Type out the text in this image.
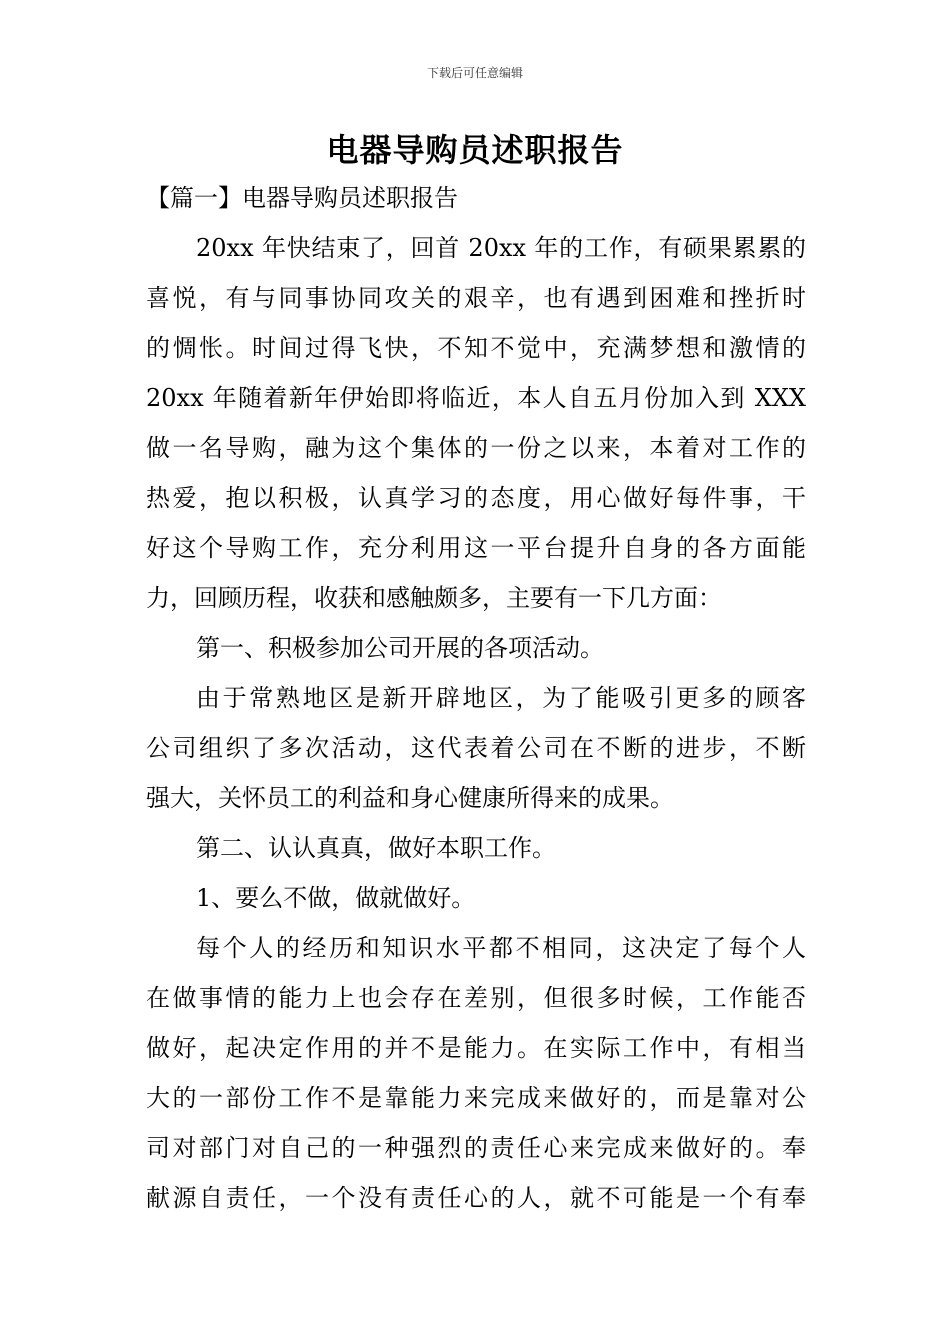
下载后可任意编辑
电器导购员述职报告
【篇一】电器导购员述职报告
20xx 年快结束了，回首 20xx 年的工作，有硕果累累的
喜悦，有与同事协同攻关的艰辛，也有遇到困难和挫折时
的惆怅。时间过得飞快，不知不觉中，充满梦想和激情的
20xx 年随着新年伊始即将临近，本人自五月份加入到 XXX
做一名导购，融为这个集体的一份之以来，本着对工作的
热爱，抱以积极，认真学习的态度，用心做好每件事，干
好这个导购工作，充分利用这一平台提升自身的各方面能
力，回顾历程，收获和感触颇多，主要有一下几方面：
第一、积极参加公司开展的各项活动。
由于常熟地区是新开辟地区，为了能吸引更多的顾客
公司组织了多次活动，这代表着公司在不断的进步，不断
强大，关怀员工的利益和身心健康所得来的成果。
第二、认认真真，做好本职工作。
1、要么不做，做就做好。
每个人的经历和知识水平都不相同，这决定了每个人
在做事情的能力上也会存在差别，但很多时候，工作能否
做好，起决定作用的并不是能力。在实际工作中，有相当
大的一部份工作不是靠能力来完成来做好的，而是靠对公
司对部门对自己的一种强烈的责任心来完成来做好的。奉
献源自责任，一个没有责任心的人，就不可能是一个有奉
